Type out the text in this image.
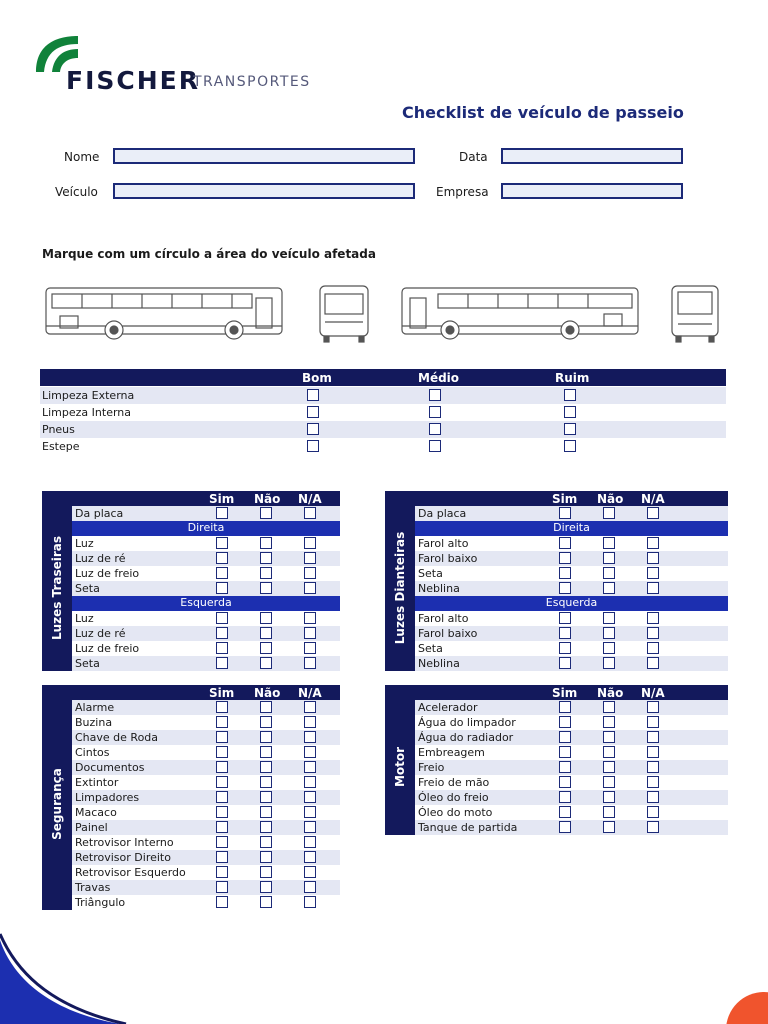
FISCHER
TRANSPORTES
Checklist de veículo de passeio
Nome	Data
Veículo	Empresa
Marque com um círculo a área do veículo afetada
Bom	Médio	Ruim
Limpeza Externa
Limpeza Interna
Pneus
Estepe
Sim Não N/A
Da placa
Direita
Luz
Luz de ré
Luz de freio
Seta
Esquerda
Luz
Luz de ré
Luz de freio
Seta
Luzes Traseiras
Sim Não N/A
Da placa
Direita
Farol alto
Farol baixo
Seta
Neblina
Esquerda
Farol alto
Farol baixo
Seta
Neblina
Luzes Dianteiras
Sim Não N/A
Alarme
Buzina
Chave de Roda
Cintos
Documentos
Extintor
Limpadores
Macaco
Painel
Retrovisor Interno
Retrovisor Direito
Retrovisor Esquerdo
Travas
Triângulo
Segurança
Sim Não N/A
Acelerador
Água do limpador
Água do radiador
Embreagem
Freio
Freio de mão
Óleo do freio
Óleo do moto
Tanque de partida
Motor
